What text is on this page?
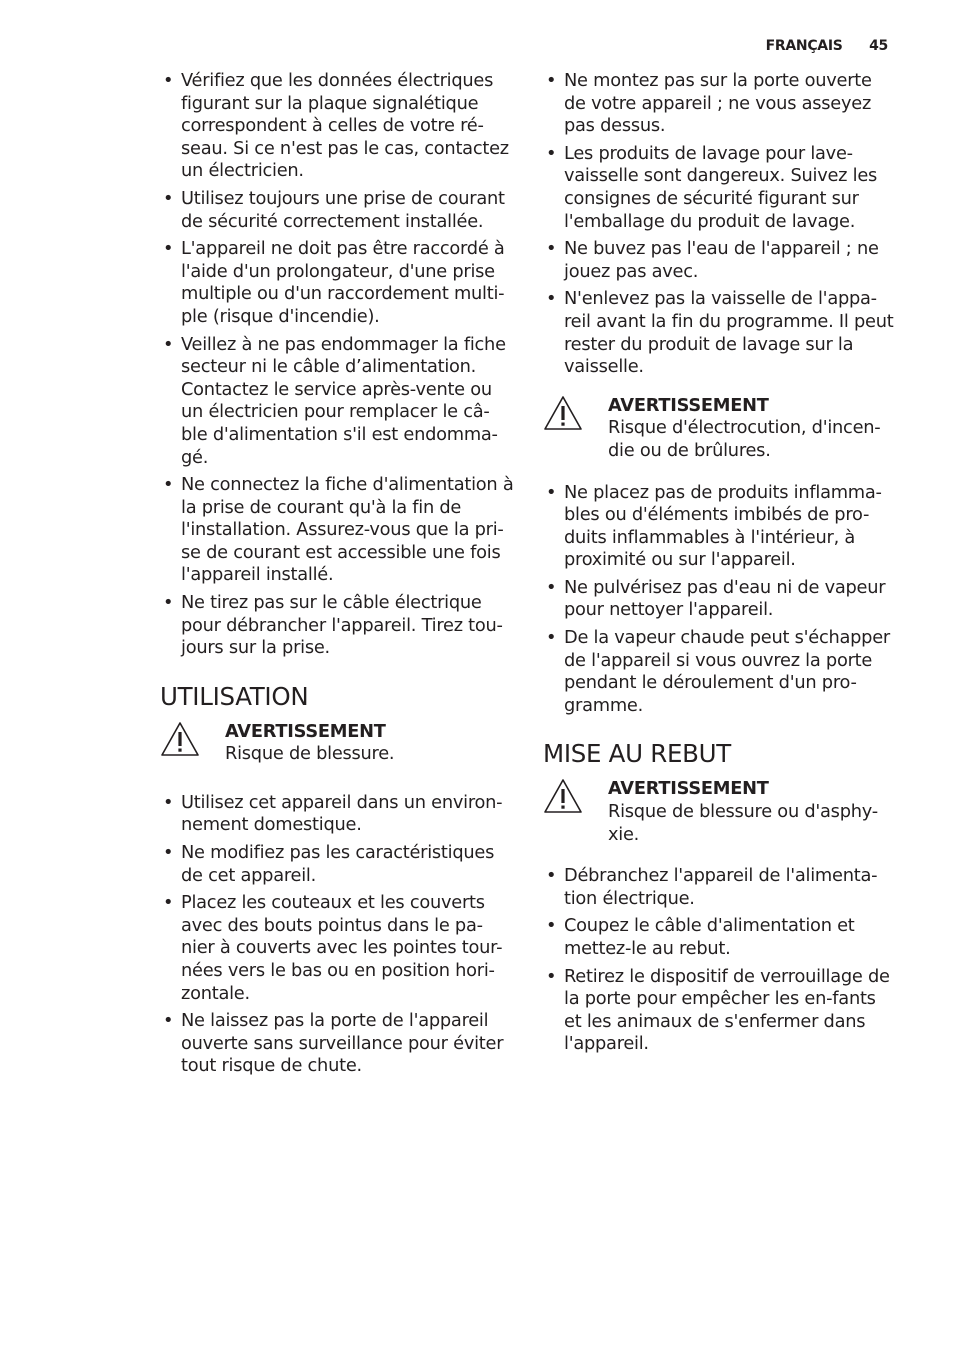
FRANÇAIS 45
• Vérifiez que les données électriques figurant sur la plaque signalétique correspondent à celles de votre ré-seau. Si ce n'est pas le cas, contactez un électricien.
• Utilisez toujours une prise de courant de sécurité correctement installée.
• L'appareil ne doit pas être raccordé à l'aide d'un prolongateur, d'une prise multiple ou d'un raccordement multi-ple (risque d'incendie).
• Veillez à ne pas endommager la fiche secteur ni le câble d’alimentation. Contactez le service après-vente ou un électricien pour remplacer le câ-ble d'alimentation s'il est endomma-gé.
• Ne connectez la fiche d'alimentation à la prise de courant qu'à la fin de l'installation. Assurez-vous que la pri-se de courant est accessible une fois l'appareil installé.
• Ne tirez pas sur le câble électrique pour débrancher l'appareil. Tirez tou-jours sur la prise.
UTILISATION
AVERTISSEMENT
Risque de blessure.
• Utilisez cet appareil dans un environ-nement domestique.
• Ne modifiez pas les caractéristiques de cet appareil.
• Placez les couteaux et les couverts avec des bouts pointus dans le pa-nier à couverts avec les pointes tour-nées vers le bas ou en position hori-zontale.
• Ne laissez pas la porte de l'appareil ouverte sans surveillance pour éviter tout risque de chute.
• Ne montez pas sur la porte ouverte de votre appareil ; ne vous asseyez pas dessus.
• Les produits de lavage pour lave-vaisselle sont dangereux. Suivez les consignes de sécurité figurant sur l'emballage du produit de lavage.
• Ne buvez pas l'eau de l'appareil ; ne jouez pas avec.
• N'enlevez pas la vaisselle de l'appa-reil avant la fin du programme. Il peut rester du produit de lavage sur la vaisselle.
AVERTISSEMENT
Risque d'électrocution, d'incen-die ou de brûlures.
• Ne placez pas de produits inflamma-bles ou d'éléments imbibés de pro-duits inflammables à l'intérieur, à proximité ou sur l'appareil.
• Ne pulvérisez pas d'eau ni de vapeur pour nettoyer l'appareil.
• De la vapeur chaude peut s'échapper de l'appareil si vous ouvrez la porte pendant le déroulement d'un pro-gramme.
MISE AU REBUT
AVERTISSEMENT
Risque de blessure ou d'asphy-xie.
• Débranchez l'appareil de l'alimenta-tion électrique.
• Coupez le câble d'alimentation et mettez-le au rebut.
• Retirez le dispositif de verrouillage de la porte pour empêcher les en-fants et les animaux de s'enfermer dans l'appareil.
